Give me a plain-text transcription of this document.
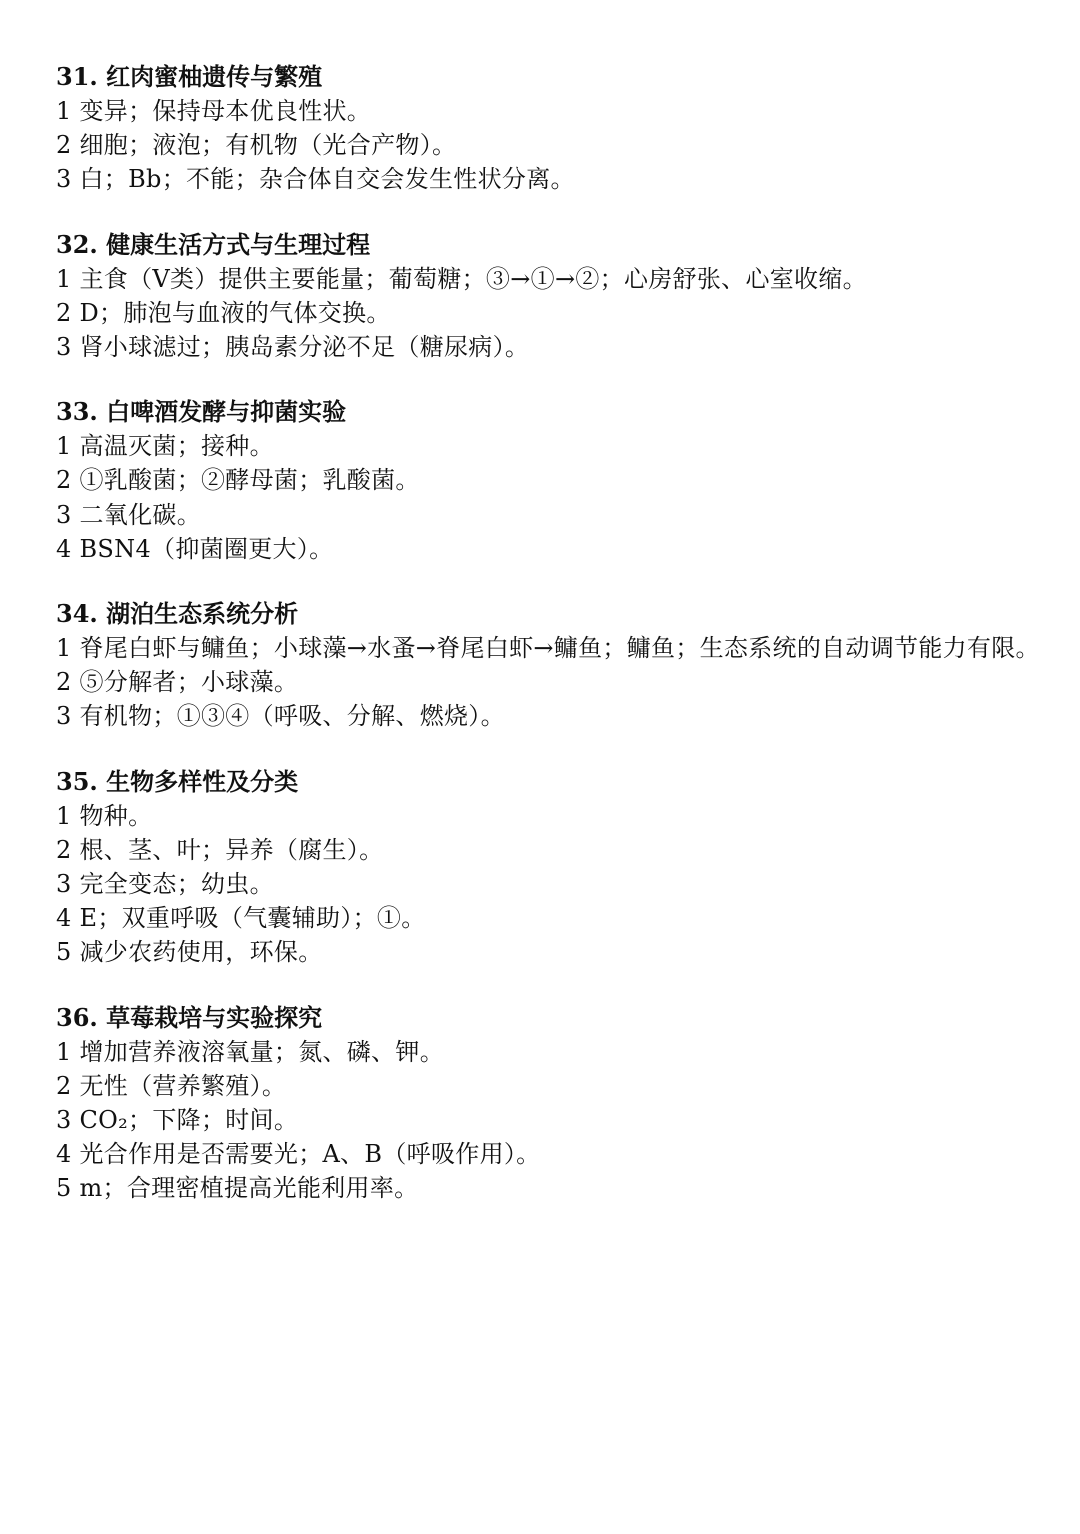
31. 红肉蜜柚遗传与繁殖
1 变异；保持母本优良性状。
2 细胞；液泡；有机物（光合产物）。
3 白；Bb；不能；杂合体自交会发生性状分离。
32. 健康生活方式与生理过程
1 主食（V类）提供主要能量；葡萄糖；③→①→②；心房舒张、心室收缩。
2 D；肺泡与血液的气体交换。
3 肾小球滤过；胰岛素分泌不足（糖尿病）。
33. 白啤酒发酵与抑菌实验
1 高温灭菌；接种。
2 ①乳酸菌；②酵母菌；乳酸菌。
3 二氧化碳。
4 BSN4（抑菌圈更大）。
34. 湖泊生态系统分析
1 脊尾白虾与鳙鱼；小球藻→水蚤→脊尾白虾→鳙鱼；鳙鱼；生态系统的自动调节能力有限。
2 ⑤分解者；小球藻。
3 有机物；①③④（呼吸、分解、燃烧）。
35. 生物多样性及分类
1 物种。
2 根、茎、叶；异养（腐生）。
3 完全变态；幼虫。
4 E；双重呼吸（气囊辅助）；①。
5 减少农药使用，环保。
36. 草莓栽培与实验探究
1 增加营养液溶氧量；氮、磷、钾。
2 无性（营养繁殖）。
3 CO₂；下降；时间。
4 光合作用是否需要光；A、B（呼吸作用）。
5 m；合理密植提高光能利用率。
